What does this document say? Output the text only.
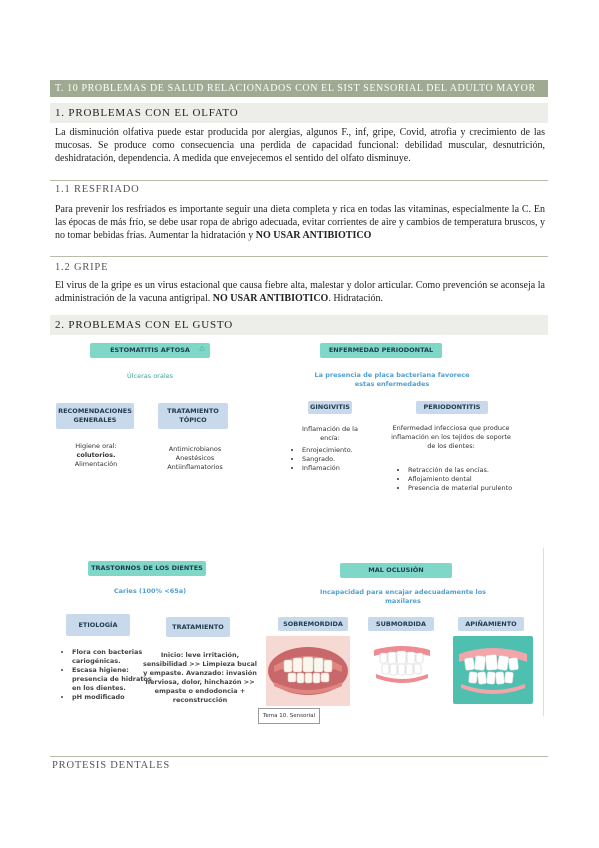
T. 10 PROBLEMAS DE SALUD RELACIONADOS CON EL SIST SENSORIAL DEL ADULTO MAYOR
1. PROBLEMAS CON EL OLFATO
La disminución olfativa puede estar producida por alergias, algunos F., inf, gripe, Covid, atrofia y crecimiento de las mucosas. Se produce como consecuencia una perdida de capacidad funcional: debilidad muscular, desnutrición, deshidratación, dependencia. A medida que envejecemos el sentido del olfato disminuye.
1.1 RESFRIADO
Para prevenir los resfriados es importante seguir una dieta completa y rica en todas las vitaminas, especialmente la C. En las épocas de más frío, se debe usar ropa de abrigo adecuada, evitar corrientes de aire y cambios de temperatura bruscos, y no tomar bebidas frías. Aumentar la hidratación y NO USAR ANTIBIOTICO
1.2 GRIPE
El virus de la gripe es un virus estacional que causa fiebre alta, malestar y dolor articular. Como prevención se aconseja la administración de la vacuna antigripal. NO USAR ANTIBIOTICO. Hidratación.
2. PROBLEMAS CON EL GUSTO
ESTOMATITIS AFTOSA	♺
Úlceras orales
RECOMENDACIONES GENERALES
Higiene oral:
colutorios.
Alimentación
TRATAMIENTO TÓPICO
Antimicrobianos
Anestésicos
Antiinflamatorios
ENFERMEDAD PERIODONTAL
La presencia de placa bacteriana favorece estas enfermedades
GINGIVITIS
Inflamación de la encía:
• Enrojecimiento.
• Sangrado.
• Inflamación
PERIODONTITIS
Enfermedad infecciosa que produce inflamación en los tejidos de soporte de los dientes:
• Retracción de las encías.
• Aflojamiento dental
• Presencia de material purulento
TRASTORNOS DE LOS DIENTES
Caries (100% <65a)
ETIOLOGÍA
• Flora con bacterias cariogénicas.
• Escasa higiene: presencia de hidratos en los dientes.
• pH modificado
TRATAMIENTO
Inicio: leve irritación, sensibilidad >> Limpieza bucal y empaste. Avanzado: invasión nerviosa, dolor, hinchazón >> empaste o endodoncia + reconstrucción
MAL OCLUSIÓN
Incapacidad para encajar adecuadamente los maxilares
SOBREMORDIDA	SUBMORDIDA	APIÑAMIENTO
Tema 10. Sensorial
PROTESIS DENTALES
